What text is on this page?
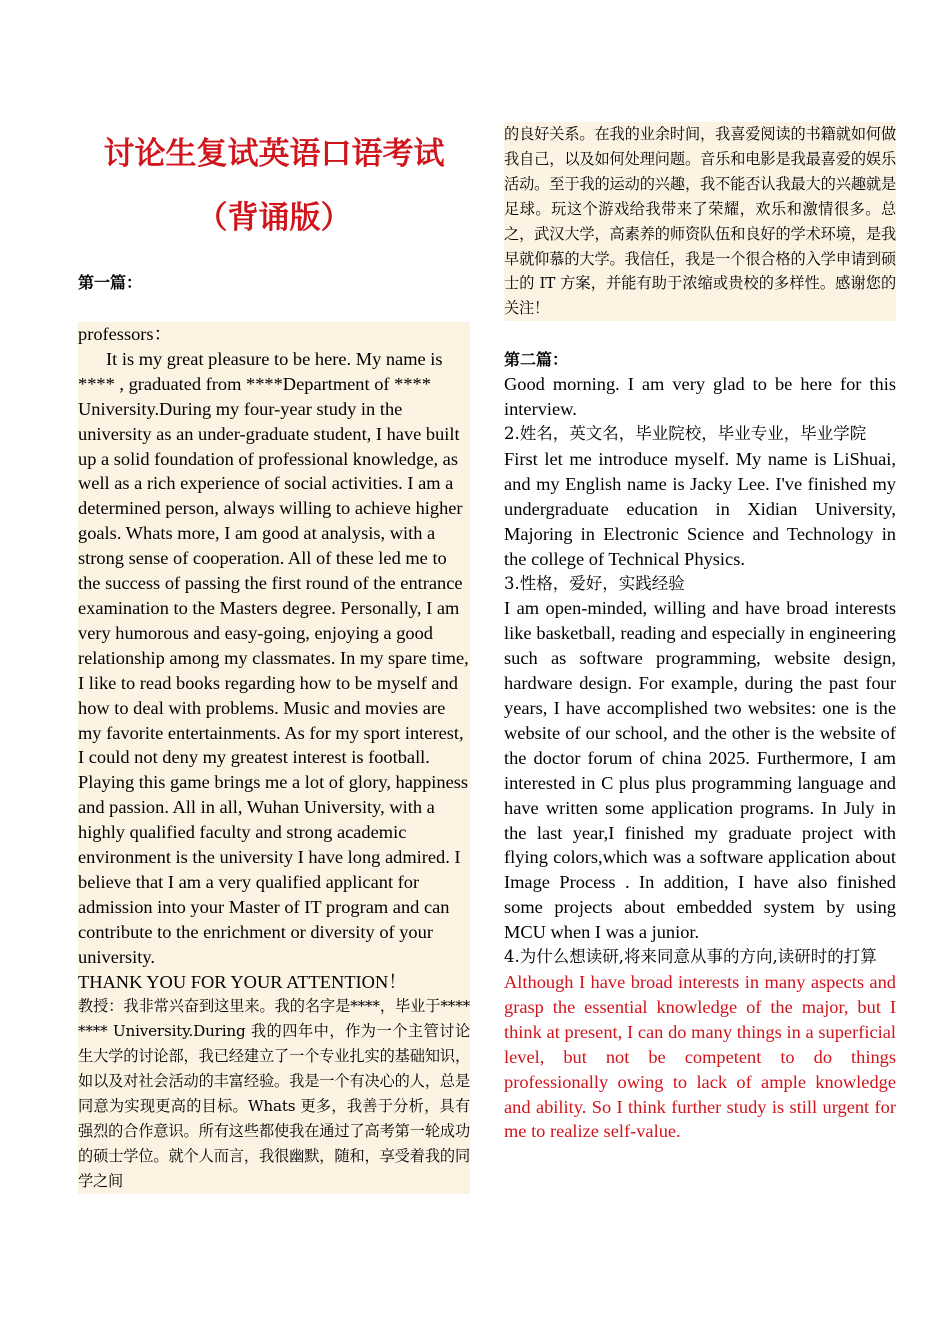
讨论生复试英语口语考试
（背诵版）
第一篇：

professors：

It is my great pleasure to be here. My name is **** , graduated from ****Department of **** University.During my four-year study in the university as an under-graduate student, I have built up a solid foundation of professional knowledge, as well as a rich experience of social activities. I am a determined person, always willing to achieve higher goals. Whats more, I am good at analysis, with a strong sense of cooperation. All of these led me to the success of passing the first round of the entrance examination to the Masters degree. Personally, I am very humorous and easy-going, enjoying a good relationship among my classmates. In my spare time, I like to read books regarding how to be myself and how to deal with problems. Music and movies are my favorite entertainments. As for my sport interest, I could not deny my greatest interest is football. Playing this game brings me a lot of glory, happiness and passion. All in all, Wuhan University, with a highly qualified faculty and strong academic environment is the university I have long admired. I believe that I am a very qualified applicant for admission into your Master of IT program and can contribute to the enrichment or diversity of your university.

THANK YOU FOR YOUR ATTENTION！

教授：我非常兴奋到这里来。我的名字是****，毕业于**** **** University.During 我的四年中，作为一个主管讨论生大学的讨论部，我已经建立了一个专业扎实的基础知识，如以及对社会活动的丰富经验。我是一个有决心的人，总是同意为实现更高的目标。Whats 更多，我善于分析，具有强烈的合作意识。所有这些都使我在通过了高考第一轮成功的硕士学位。就个人而言，我很幽默，随和，享受着我的同学之间

的良好关系。在我的业余时间，我喜爱阅读的书籍就如何做我自己，以及如何处理问题。音乐和电影是我最喜爱的娱乐活动。至于我的运动的兴趣，我不能否认我最大的兴趣就是足球。玩这个游戏给我带来了荣耀，欢乐和激情很多。总之，武汉大学，高素养的师资队伍和良好的学术环境，是我早就仰慕的大学。我信任，我是一个很合格的入学申请到硕士的 IT 方案，并能有助于浓缩或贵校的多样性。感谢您的关注！

第二篇：

Good morning. I am very glad to be here for this interview.

2.姓名，英文名，毕业院校，毕业专业，毕业学院

First let me introduce myself. My name is LiShuai, and my English name is Jacky Lee. I've finished my undergraduate education in Xidian University, Majoring in Electronic Science and Technology in the college of Technical Physics.

3.性格，爱好，实践经验

I am open-minded, willing and have broad interests like basketball, reading and especially in engineering such as software programming, website design, hardware design. For example, during the past four years, I have accomplished two websites: one is the website of our school, and the other is the website of the doctor forum of china 2025. Furthermore, I am interested in C plus plus programming language and have written some application programs. In July in the last year,I finished my graduate project with flying colors,which was a software application about Image Process . In addition, I have also finished some projects about embedded system by using MCU when I was a junior.

4.为什么想读研,将来同意从事的方向,读研时的打算

Although I have broad interests in many aspects and grasp the essential knowledge of the major, but I think at present, I can do many things in a superficial level, but not be competent to do things professionally owing to lack of ample knowledge and ability. So I think further study is still urgent for me to realize self-value.
